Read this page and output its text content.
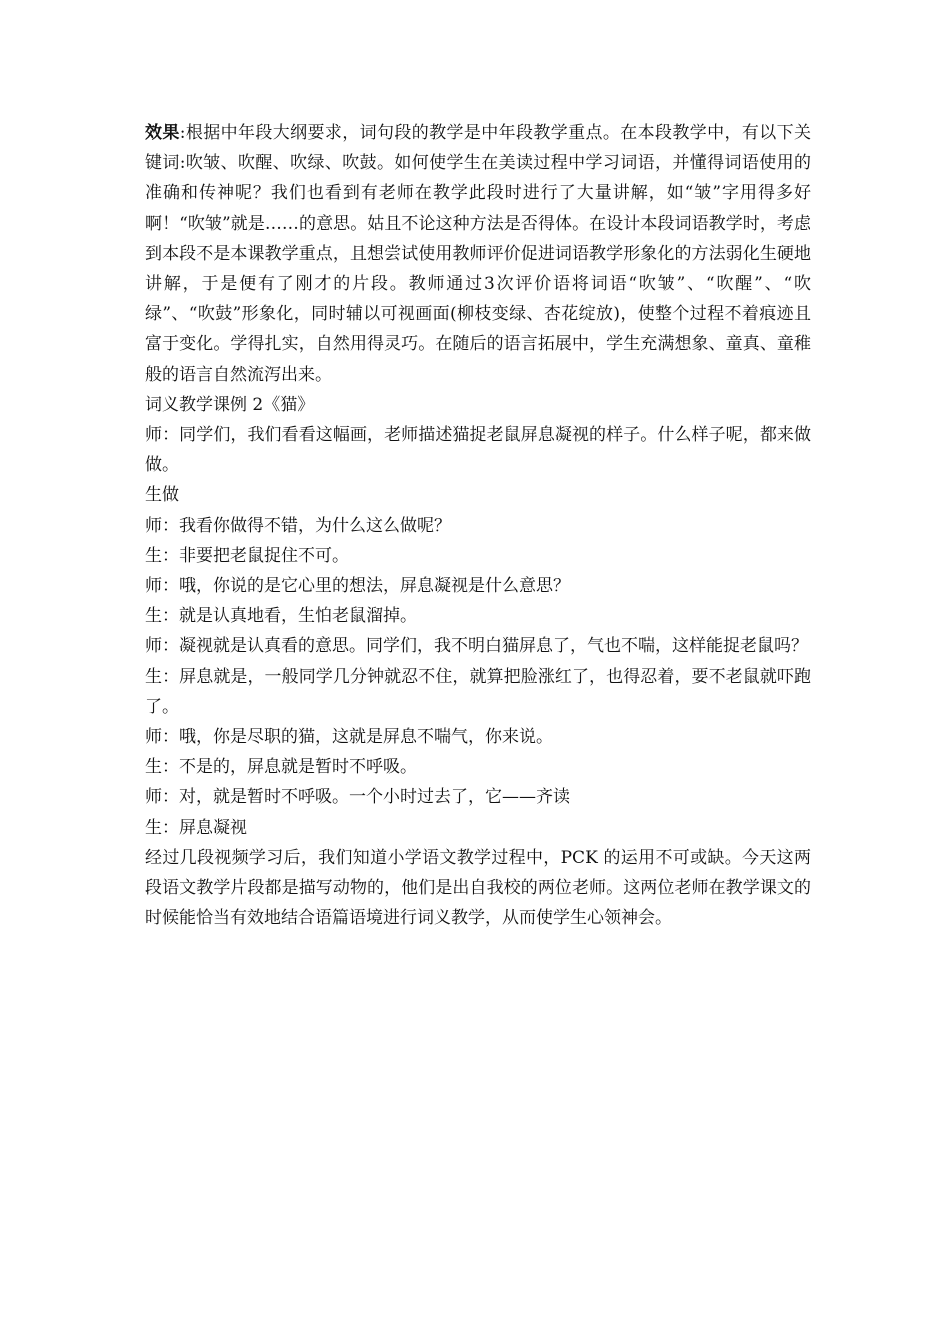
效果:根据中年段大纲要求，词句段的教学是中年段教学重点。在本段教学中，有以下关键词:吹皱、吹醒、吹绿、吹鼓。如何使学生在美读过程中学习词语，并懂得词语使用的准确和传神呢？我们也看到有老师在教学此段时进行了大量讲解，如“皱”字用得多好啊！“吹皱”就是……的意思。姑且不论这种方法是否得体。在设计本段词语教学时，考虑到本段不是本课教学重点，且想尝试使用教师评价促进词语教学形象化的方法弱化生硬地讲解，于是便有了刚才的片段。教师通过3次评价语将词语“吹皱”、“吹醒”、“吹绿”、“吹鼓”形象化，同时辅以可视画面(柳枝变绿、杏花绽放)，使整个过程不着痕迹且富于变化。学得扎实，自然用得灵巧。在随后的语言拓展中，学生充满想象、童真、童稚般的语言自然流泻出来。

词义教学课例 2《猫》

师：同学们，我们看看这幅画，老师描述猫捉老鼠屏息凝视的样子。什么样子呢，都来做做。

生做

师：我看你做得不错，为什么这么做呢？

生：非要把老鼠捉住不可。

师：哦，你说的是它心里的想法，屏息凝视是什么意思？

生：就是认真地看，生怕老鼠溜掉。

师：凝视就是认真看的意思。同学们，我不明白猫屏息了，气也不喘，这样能捉老鼠吗？

生：屏息就是，一般同学几分钟就忍不住，就算把脸涨红了，也得忍着，要不老鼠就吓跑了。

师：哦，你是尽职的猫，这就是屏息不喘气，你来说。

生：不是的，屏息就是暂时不呼吸。

师：对，就是暂时不呼吸。一个小时过去了，它——齐读

生：屏息凝视

经过几段视频学习后，我们知道小学语文教学过程中，PCK 的运用不可或缺。今天这两段语文教学片段都是描写动物的，他们是出自我校的两位老师。这两位老师在教学课文的时候能恰当有效地结合语篇语境进行词义教学，从而使学生心领神会。
